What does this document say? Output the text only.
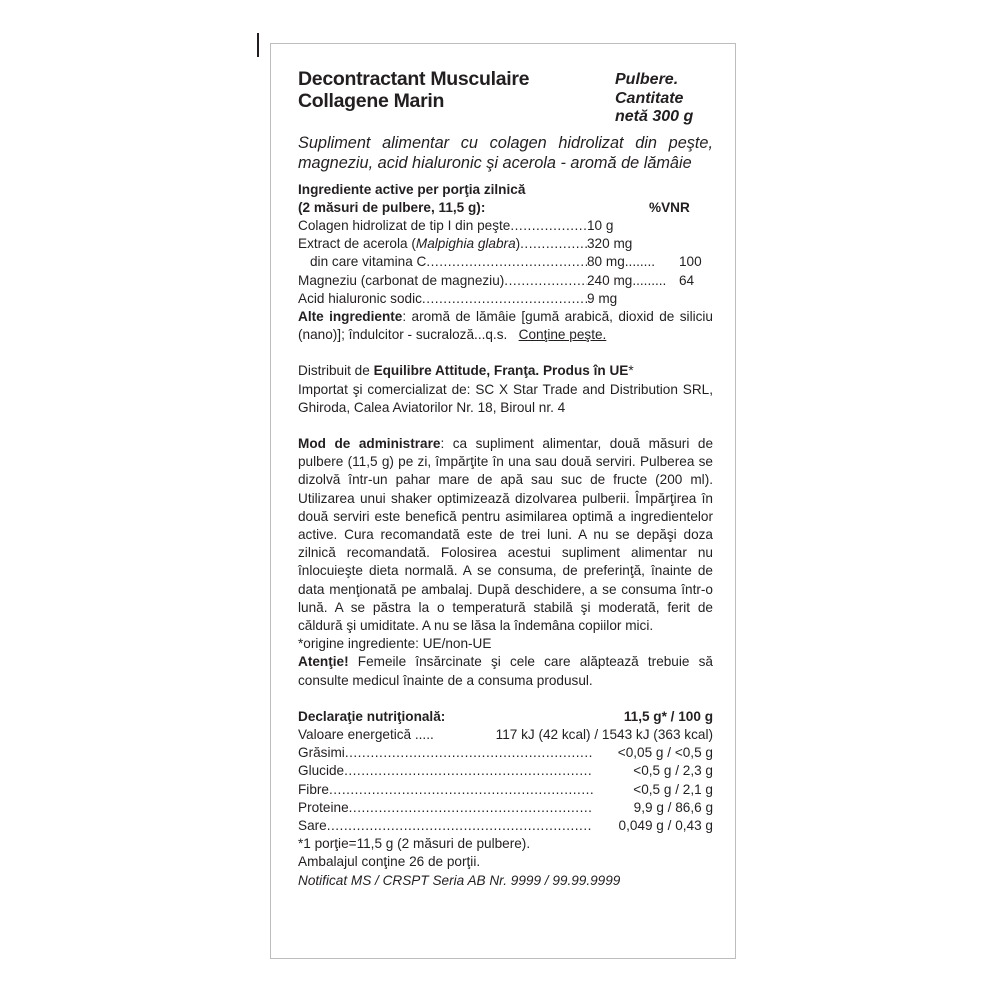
Decontractant Musculaire
Collagene Marin
Pulbere.
Cantitate
netă 300 g
Supliment alimentar cu colagen hidrolizat din peşte, magneziu, acid hialuronic şi acerola - aromă de lămâie
Ingrediente active per porţia zilnică
(2 măsuri de pulbere, 11,5 g):	%VNR
Colagen hidrolizat de tip I din peşte .....	10 g
Extract de acerola (Malpighia glabra) .....	320 mg
din care vitamina C .....	80 mg........	100
Magneziu (carbonat de magneziu) .....	240 mg......... 64
Acid hialuronic sodic .....	9 mg
Alte ingrediente: aromă de lămâie [gumă arabică, dioxid de siliciu (nano)]; îndulcitor - sucraloză...q.s. Conţine peşte.
Distribuit de Equilibre Attitude, Franţa. Produs în UE*
Importat şi comercializat de: SC X Star Trade and Distribution SRL, Ghiroda, Calea Aviatorilor Nr. 18, Biroul nr. 4
Mod de administrare: ca supliment alimentar, două măsuri de pulbere (11,5 g) pe zi, împărţite în una sau două serviri. Pulberea se dizolvă într-un pahar mare de apă sau suc de fructe (200 ml). Utilizarea unui shaker optimizează dizolvarea pulberii. Împărţirea în două serviri este benefică pentru asimilarea optimă a ingredientelor active. Cura recomandată este de trei luni. A nu se depăşi doza zilnică recomandată. Folosirea acestui supliment alimentar nu înlocuieşte dieta normală. A se consuma, de preferinţă, înainte de data menţionată pe ambalaj. După deschidere, a se consuma într-o lună. A se păstra la o temperatură stabilă şi moderată, ferit de căldură şi umiditate. A nu se lăsa la îndemâna copiilor mici.
*origine ingrediente: UE/non-UE
Atenţie! Femeile însărcinate şi cele care alăptează trebuie să consulte medicul înainte de a consuma produsul.
Declaraţie nutriţională:	11,5 g* / 100 g
Valoare energetică .....	117 kJ (42 kcal) / 1543 kJ (363 kcal)
Grăsimi .....	<0,05 g / <0,5 g
Glucide .....	<0,5 g / 2,3 g
Fibre .....	<0,5 g / 2,1 g
Proteine .....	9,9 g / 86,6 g
Sare .....	0,049 g / 0,43 g
*1 porţie=11,5 g (2 măsuri de pulbere).
Ambalajul conţine 26 de porţii.
Notificat MS / CRSPT Seria AB Nr. 9999 / 99.99.9999
